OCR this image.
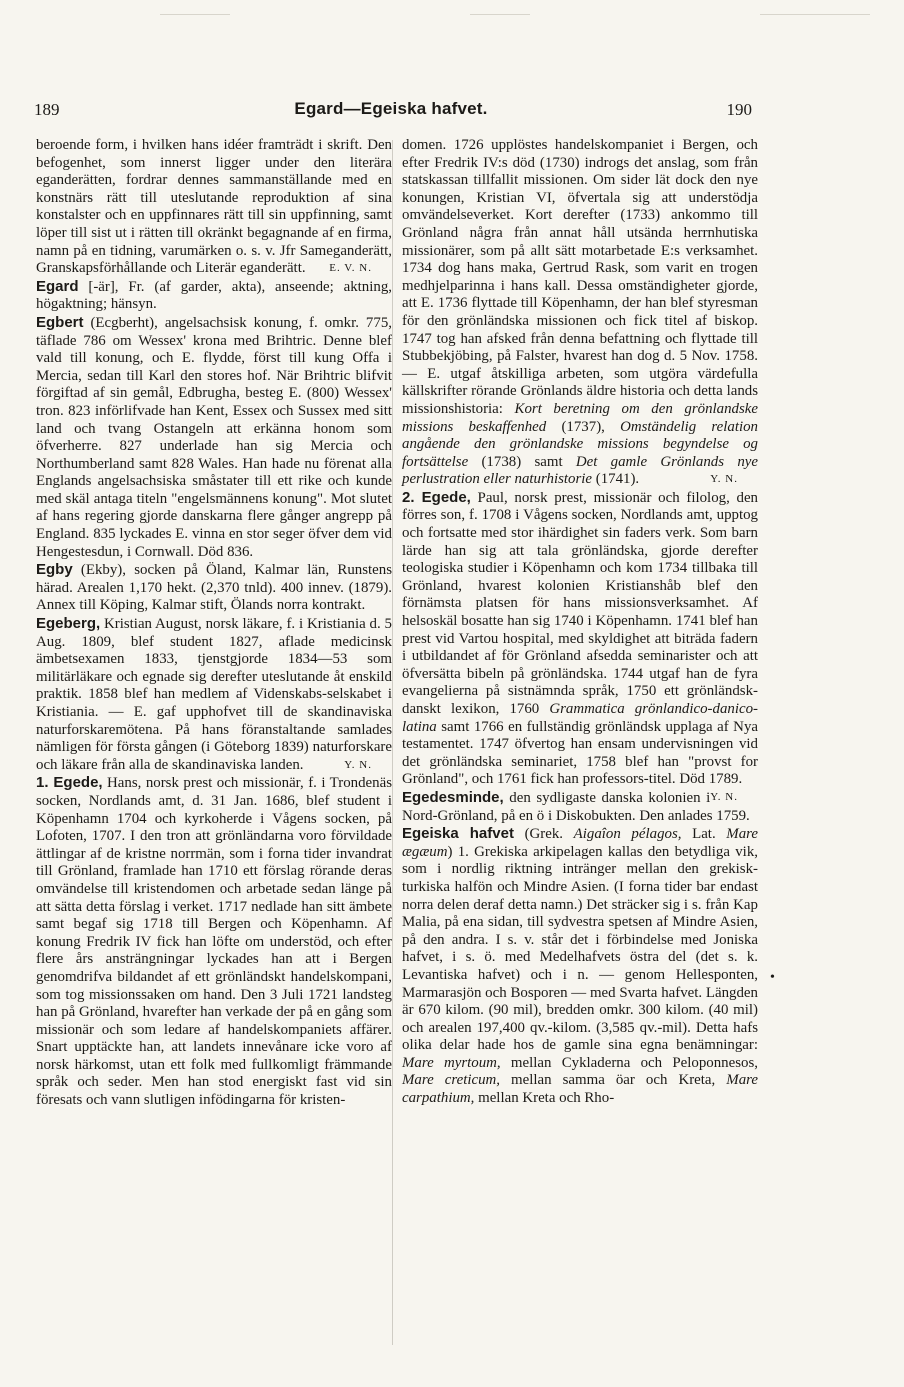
189	Egard—Egeiska hafvet.	190

beroende form, i hvilken hans idéer framträdt i skrift. Den befogenhet, som innerst ligger under den literära eganderätten, fordrar dennes sammanställande med en konstnärs rätt till uteslutande reproduktion af sina konstalster och en uppfinnares rätt till sin uppfinning, samt löper till sist ut i rätten till okränkt begagnande af en firma, namn på en tidning, varumärken o. s. v. Jfr Sameganderätt, Granskapsförhållande och Literär eganderätt. E. V. N.

Egard [-är], Fr. (af garder, akta), anseende; aktning, högaktning; hänsyn.

Egbert (Ecgberht), angelsachsisk konung, f. omkr. 775, täflade 786 om Wessex' krona med Brihtric. Denne blef vald till konung, och E. flydde, först till kung Offa i Mercia, sedan till Karl den stores hof. När Brihtric blifvit förgiftad af sin gemål, Edbrugha, besteg E. (800) Wessex' tron. 823 införlifvade han Kent, Essex och Sussex med sitt land och tvang Ostangeln att erkänna honom som öfverherre. 827 underlade han sig Mercia och Northumberland samt 828 Wales. Han hade nu förenat alla Englands angelsachsiska småstater till ett rike och kunde med skäl antaga titeln "engelsmännens konung". Mot slutet af hans regering gjorde danskarna flere gånger angrepp på England. 835 lyckades E. vinna en stor seger öfver dem vid Hengestesdun, i Cornwall. Död 836.

Egby (Ekby), socken på Öland, Kalmar län, Runstens härad. Arealen 1,170 hekt. (2,370 tnld). 400 innev. (1879). Annex till Köping, Kalmar stift, Ölands norra kontrakt.

Egeberg, Kristian August, norsk läkare, f. i Kristiania d. 5 Aug. 1809, blef student 1827, aflade medicinsk ämbetsexamen 1833, tjenstgjorde 1834—53 som militärläkare och egnade sig derefter uteslutande åt enskild praktik. 1858 blef han medlem af Videnskabs-selskabet i Kristiania. — E. gaf upphofvet till de skandinaviska naturforskaremötena. På hans föranstaltande samlades nämligen för första gången (i Göteborg 1839) naturforskare och läkare från alla de skandinaviska landen.	Y. N.

1. Egede, Hans, norsk prest och missionär, f. i Trondenäs socken, Nordlands amt, d. 31 Jan. 1686, blef student i Köpenhamn 1704 och kyrkoherde i Vågens socken, på Lofoten, 1707. I den tron att grönländarna voro förvildade ättlingar af de kristne norrmän, som i forna tider invandrat till Grönland, framlade han 1710 ett förslag rörande deras omvändelse till kristendomen och arbetade sedan länge på att sätta detta förslag i verket. 1717 nedlade han sitt ämbete samt begaf sig 1718 till Bergen och Köpenhamn. Af konung Fredrik IV fick han löfte om understöd, och efter flere års ansträngningar lyckades han att i Bergen genomdrifva bildandet af ett grönländskt handelskompani, som tog missionssaken om hand. Den 3 Juli 1721 landsteg han på Grönland, hvarefter han verkade der på en gång som missionär och som ledare af handelskompaniets affärer. Snart upptäckte han, att landets innevånare icke voro af norsk härkomst, utan ett folk med fullkomligt främmande språk och seder. Men han stod energiskt fast vid sin föresats och vann slutligen infödingarna för kristen-

domen. 1726 upplöstes handelskompaniet i Bergen, och efter Fredrik IV:s död (1730) indrogs det anslag, som från statskassan tillfallit missionen. Om sider lät dock den nye konungen, Kristian VI, öfvertala sig att understödja omvändelseverket. Kort derefter (1733) ankommo till Grönland några från annat håll utsända herrnhutiska missionärer, som på allt sätt motarbetade E:s verksamhet. 1734 dog hans maka, Gertrud Rask, som varit en trogen medhjelparinna i hans kall. Dessa omständigheter gjorde, att E. 1736 flyttade till Köpenhamn, der han blef styresman för den grönländska missionen och fick titel af biskop. 1747 tog han afsked från denna befattning och flyttade till Stubbekjöbing, på Falster, hvarest han dog d. 5 Nov. 1758. — E. utgaf åtskilliga arbeten, som utgöra värdefulla källskrifter rörande Grönlands äldre historia och detta lands missionshistoria: Kort beretning om den grönlandske missions beskaffenhed (1737), Omständelig relation angående den grönlandske missions begyndelse og fortsättelse (1738) samt Det gamle Grönlands nye perlustration eller naturhistorie (1741).	Y. N.

2. Egede, Paul, norsk prest, missionär och filolog, den förres son, f. 1708 i Vågens socken, Nordlands amt, upptog och fortsatte med stor ihärdighet sin faders verk. Som barn lärde han sig att tala grönländska, gjorde derefter teologiska studier i Köpenhamn och kom 1734 tillbaka till Grönland, hvarest kolonien Kristianshåb blef den förnämsta platsen för hans missionsverksamhet. Af helsoskäl bosatte han sig 1740 i Köpenhamn. 1741 blef han prest vid Vartou hospital, med skyldighet att biträda fadern i utbildandet af för Grönland afsedda seminarister och att öfversätta bibeln på grönländska. 1744 utgaf han de fyra evangelierna på sistnämnda språk, 1750 ett grönländsk-danskt lexikon, 1760 Grammatica grönlandico-danico-latina samt 1766 en fullständig grönländsk upplaga af Nya testamentet. 1747 öfvertog han ensam undervisningen vid det grönländska seminariet, 1758 blef han "provst for Grönland", och 1761 fick han professors-titel. Död 1789.
Y. N.

Egedesminde, den sydligaste danska kolonien i Nord-Grönland, på en ö i Diskobukten. Den anlades 1759.

Egeiska hafvet (Grek. Aigaîon pélagos, Lat. Mare ægæum) 1. Grekiska arkipelagen kallas den betydliga vik, som i nordlig riktning intränger mellan den grekisk-turkiska halfön och Mindre Asien. (I forna tider bar endast norra delen deraf detta namn.) Det sträcker sig i s. från Kap Malia, på ena sidan, till sydvestra spetsen af Mindre Asien, på den andra. I s. v. står det i förbindelse med Joniska hafvet, i s. ö. med Medelhafvets östra del (det s. k. Levantiska hafvet) och i n. — genom Hellesponten, Marmarasjön och Bosporen — med Svarta hafvet. Längden är 670 kilom. (90 mil), bredden omkr. 300 kilom. (40 mil) och arealen 197,400 qv.-kilom. (3,585 qv.-mil). Detta hafs olika delar hade hos de gamle sina egna benämningar: Mare myrtoum, mellan Cykladerna och Peloponnesos, Mare creticum, mellan samma öar och Kreta, Mare carpathium, mellan Kreta och Rho-

•
